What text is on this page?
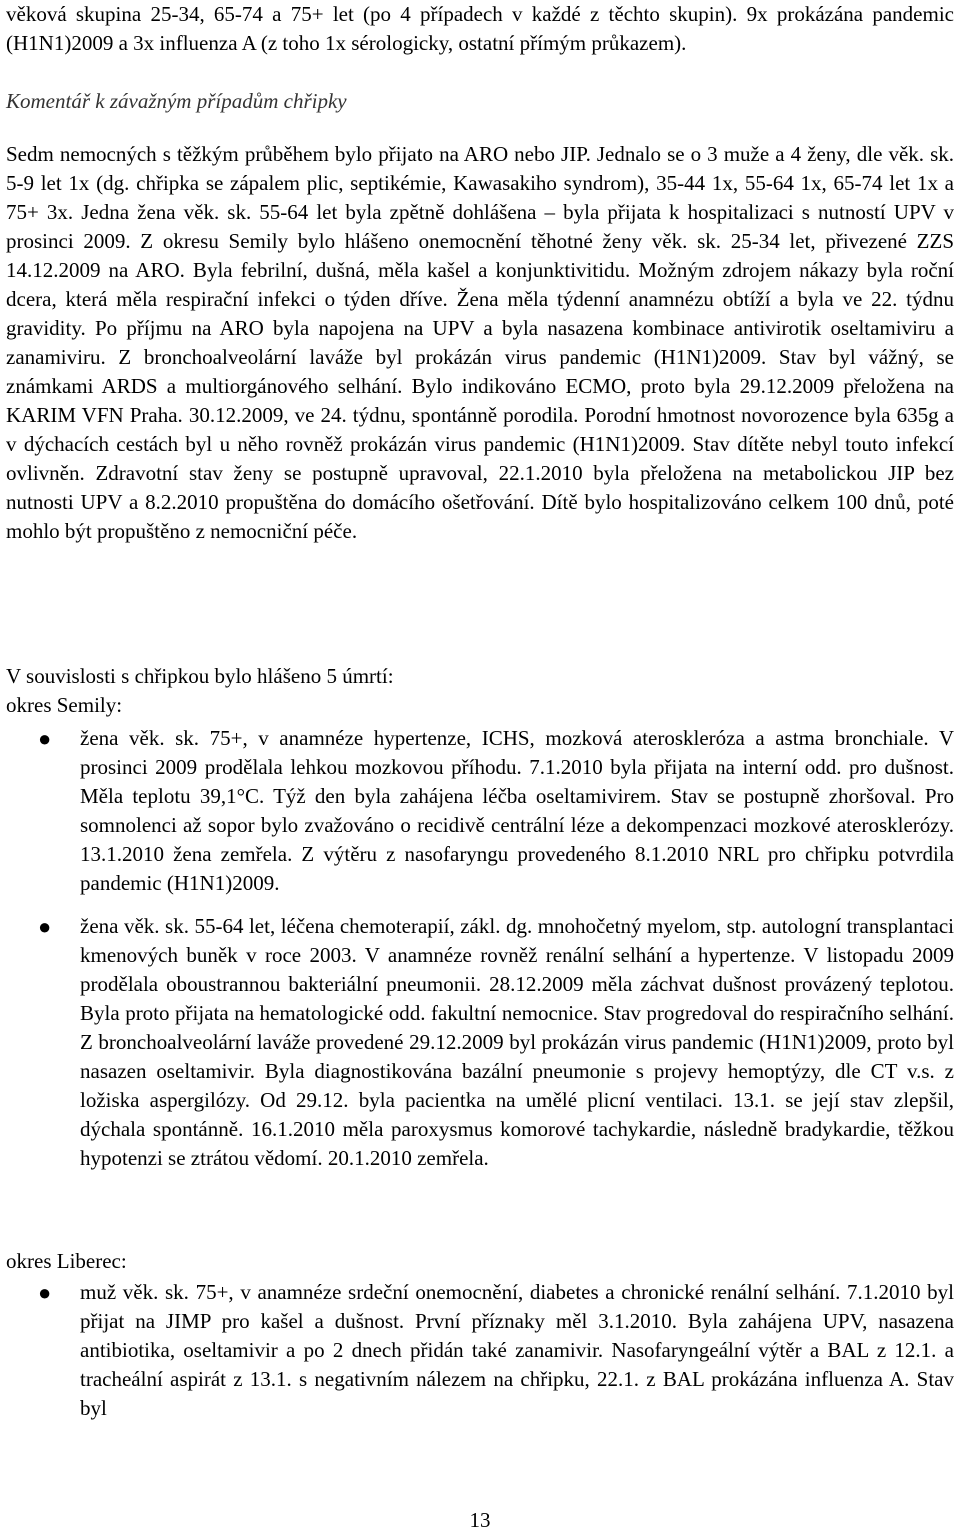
věková skupina 25-34, 65-74 a 75+ let (po 4 případech v každé z těchto skupin). 9x prokázána pandemic (H1N1)2009 a 3x influenza A (z toho 1x sérologicky, ostatní přímým průkazem).

Komentář k závažným případům chřipky

Sedm nemocných s těžkým průběhem bylo přijato na ARO nebo JIP. Jednalo se o 3 muže a 4 ženy, dle věk. sk. 5-9 let 1x (dg. chřipka se zápalem plic, septikémie, Kawasakiho syndrom), 35-44 1x, 55-64 1x, 65-74 let 1x a 75+ 3x. Jedna žena věk. sk. 55-64 let byla zpětně dohlášena – byla přijata k hospitalizaci s nutností UPV v prosinci 2009. Z okresu Semily bylo hlášeno onemocnění těhotné ženy věk. sk. 25-34 let, přivezené ZZS 14.12.2009 na ARO. Byla febrilní, dušná, měla kašel a konjunktivitidu. Možným zdrojem nákazy byla roční dcera, která měla respirační infekci o týden dříve. Žena měla týdenní anamnézu obtíží a byla ve 22. týdnu gravidity. Po příjmu na ARO byla napojena na UPV a byla nasazena kombinace antivirotik oseltamiviru a zanamiviru. Z bronchoalveolární laváže byl prokázán virus pandemic (H1N1)2009. Stav byl vážný, se známkami ARDS a multiorgánového selhání. Bylo indikováno ECMO, proto byla 29.12.2009 přeložena na KARIM VFN Praha. 30.12.2009, ve 24. týdnu, spontánně porodila. Porodní hmotnost novorozence byla 635g a v dýchacích cestách byl u něho rovněž prokázán virus pandemic (H1N1)2009. Stav dítěte nebyl touto infekcí ovlivněn. Zdravotní stav ženy se postupně upravoval, 22.1.2010 byla přeložena na metabolickou JIP bez nutnosti UPV a 8.2.2010 propuštěna do domácího ošetřování. Dítě bylo hospitalizováno celkem 100 dnů, poté mohlo být propuštěno z nemocniční péče.

V souvislosti s chřipkou bylo hlášeno 5 úmrtí:

okres Semily:

● žena věk. sk. 75+, v anamnéze hypertenze, ICHS, mozková ateroskleróza a astma bronchiale. V prosinci 2009 prodělala lehkou mozkovou příhodu. 7.1.2010 byla přijata na interní odd. pro dušnost. Měla teplotu 39,1°C. Týž den byla zahájena léčba oseltamivirem. Stav se postupně zhoršoval. Pro somnolenci až sopor bylo zvažováno o recidivě centrální léze a dekompenzaci mozkové aterosklerózy. 13.1.2010 žena zemřela. Z výtěru z nasofaryngu provedeného 8.1.2010 NRL pro chřipku potvrdila pandemic (H1N1)2009.
● žena věk. sk. 55-64 let, léčena chemoterapií, zákl. dg. mnohočetný myelom, stp. autologní transplantaci kmenových buněk v roce 2003. V anamnéze rovněž renální selhání a hypertenze. V listopadu 2009 prodělala oboustrannou bakteriální pneumonii. 28.12.2009 měla záchvat dušnost provázený teplotou. Byla proto přijata na hematologické odd. fakultní nemocnice. Stav progredoval do respiračního selhání. Z bronchoalveolární laváže provedené 29.12.2009 byl prokázán virus pandemic (H1N1)2009, proto byl nasazen oseltamivir. Byla diagnostikována bazální pneumonie s projevy hemoptýzy, dle CT v.s. z ložiska aspergilózy. Od 29.12. byla pacientka na umělé plicní ventilaci. 13.1. se její stav zlepšil, dýchala spontánně. 16.1.2010 měla paroxysmus komorové tachykardie, následně bradykardie, těžkou hypotenzi se ztrátou vědomí. 20.1.2010 zemřela.

okres Liberec:

● muž věk. sk. 75+, v anamnéze srdeční onemocnění, diabetes a chronické renální selhání. 7.1.2010 byl přijat na JIMP pro kašel a dušnost. První příznaky měl 3.1.2010. Byla zahájena UPV, nasazena antibiotika, oseltamivir a po 2 dnech přidán také zanamivir. Nasofaryngeální výtěr a BAL z 12.1. a tracheální aspirát z 13.1. s negativním nálezem na chřipku, 22.1. z BAL prokázána influenza A. Stav byl
13
